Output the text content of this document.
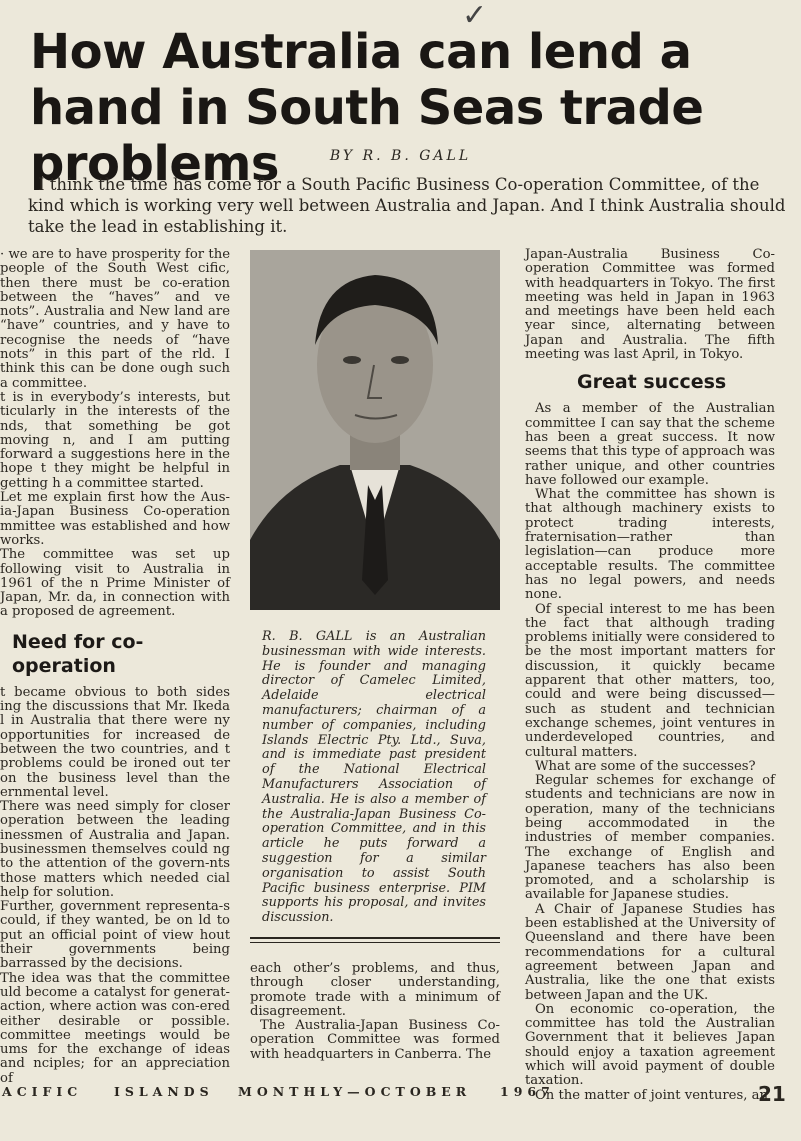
✓
How Australia can lend a hand in South Seas trade problems	BY R. B. GALL

I think the time has come for a South Pacific Business Co-operation Committee, of the kind which is working very well between Australia and Japan. And I think Australia should take the lead in establishing it.

· we are to have prosperity for the people of the South West cific, then there must be co-eration between the “haves” and ve nots”. Australia and New land are “have” countries, and y have to recognise the needs of “have nots” in this part of the rld. I think this can be done ough such a committee.

t is in everybody’s interests, but ticularly in the interests of the nds, that something be got moving n, and I am putting forward a suggestions here in the hope t they might be helpful in getting h a committee started.

Let me explain first how the Aus-ia-Japan Business Co-operation mmittee was established and how works.

The committee was set up following visit to Australia in 1961 of the n Prime Minister of Japan, Mr. da, in connection with a proposed de agreement.

Need for co-operation

t became obvious to both sides ing the discussions that Mr. Ikeda l in Australia that there were ny opportunities for increased de between the two countries, and t problems could be ironed out ter on the business level than the ernmental level.

There was need simply for closer operation between the leading inessmen of Australia and Japan. businessmen themselves could ng to the attention of the govern-nts those matters which needed cial help for solution.

Further, government representa-s could, if they wanted, be on ld to put an official point of view hout their governments being barrassed by the decisions.

The idea was that the committee uld become a catalyst for generat-action, where action was con-ered either desirable or possible. committee meetings would be ums for the exchange of ideas and nciples; for an appreciation of

R. B. GALL is an Australian businessman with wide interests. He is founder and managing director of Camelec Limited, Adelaide electrical manufacturers; chairman of a number of companies, including Islands Electric Pty. Ltd., Suva, and is immediate past president of the National Electrical Manufacturers Association of Australia. He is also a member of the Australia-Japan Business Co-operation Committee, and in this article he puts forward a suggestion for a similar organisation to assist South Pacific business enterprise. PIM supports his proposal, and invites discussion.

each other’s problems, and thus, through closer understanding, promote trade with a minimum of disagreement.

The Australia-Japan Business Co-operation Committee was formed with headquarters in Canberra. The

Japan-Australia Business Co-operation Committee was formed with headquarters in Tokyo. The first meeting was held in Japan in 1963 and meetings have been held each year since, alternating between Japan and Australia. The fifth meeting was last April, in Tokyo.

Great success

As a member of the Australian committee I can say that the scheme has been a great success. It now seems that this type of approach was rather unique, and other countries have followed our example.

What the committee has shown is that although machinery exists to protect trading interests, fraternisation—rather than legislation—can produce more acceptable results. The committee has no legal powers, and needs none.

Of special interest to me has been the fact that although trading problems initially were considered to be the most important matters for discussion, it quickly became apparent that other matters, too, could and were being discussed—such as student and technician exchange schemes, joint ventures in underdeveloped countries, and cultural matters.

What are some of the successes?

Regular schemes for exchange of students and technicians are now in operation, many of the technicians being accommodated in the industries of member companies. The exchange of English and Japanese teachers has also been promoted, and a scholarship is available for Japanese studies.

A Chair of Japanese Studies has been established at the University of Queensland and there have been recommendations for a cultural agreement between Japan and Australia, like the one that exists between Japan and the UK.

On economic co-operation, the committee has told the Australian Government that it believes Japan should enjoy a taxation agreement which will avoid payment of double taxation.

On the matter of joint ventures, an

ACIFIC	ISLANDS MONTHLY—OCTOBER 1967	21
